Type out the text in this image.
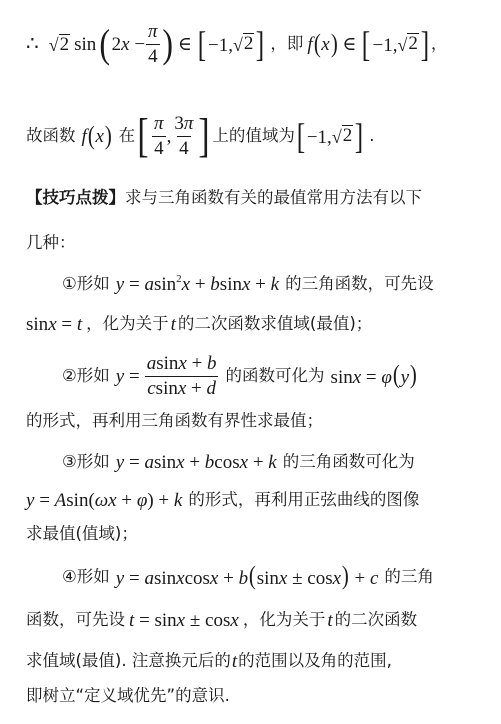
∴ √ 2 sin ( $2x - \frac{\pi}{4}$ ) ∈ [ −1, √ 2 ] ，即 f ( x ) ∈ [ −1, √ 2 ] ，
故函数 f ( x ) 在 [ $\frac{\pi}{4}$ , $\frac{3\pi}{4}$ ] 上的值域为 [ −1, √ 2 ] .
【技巧点拨】求与三角函数有关的最值常用方法有以下
几种：
①形如 y = asin$^2$x + bsinx + k 的三角函数，可先设
sinx = t ，化为关于 t 的二次函数求值域(最值)；
②形如 $y = \frac{asinx + b}{csinx + d}$ 的函数可化为 sinx = φ(y)
的形式，再利用三角函数有界性求最值；
③形如 y = asinx + bcosx + k 的三角函数可化为
y = Asin(ωx + φ) + k 的形式，再利用正弦曲线的图像
求最值(值域)；
④形如 y = asinxcosx + b(sinx ± cosx) + c 的三角
函数，可先设 t = sinx ± cosx ，化为关于 t 的二次函数
求值域(最值). 注意换元后的 t 的范围以及角的范围,
即树立“定义域优先”的意识.
